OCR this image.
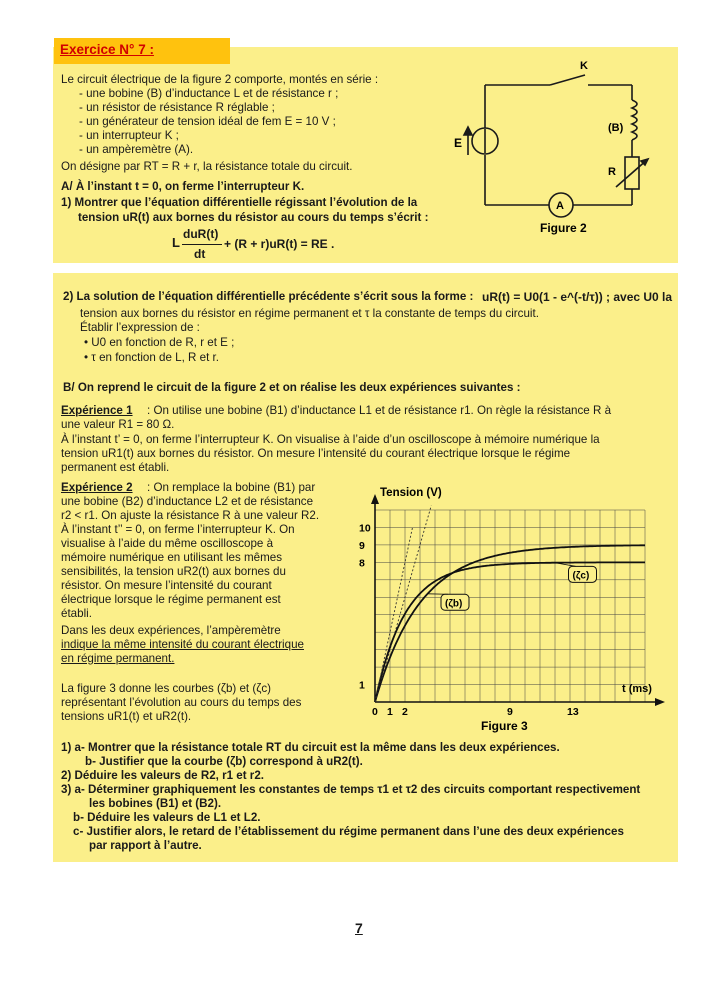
Exercice N° 7 :
Le circuit électrique de la figure 2 comporte, montés en série :
- une bobine (B) d’inductance L et de résistance r ;
- un résistor de résistance R réglable ;
- un générateur de tension idéal de fem E = 10 V ;
- un interrupteur K ;
- un ampèremètre (A).
On désigne par RT = R + r, la résistance totale du circuit.
A/ À l’instant t = 0, on ferme l’interrupteur K.
1) Montrer que l’équation différentielle régissant l’évolution de la
tension uR(t) aux bornes du résistor au cours du temps s’écrit :
L
duR(t)
dt
+ (R + r)uR(t) = RE .
K
(B)
E
R
A
Figure 2
2) La solution de l’équation différentielle précédente s’écrit sous la forme : uR(t) = U0(1 - e^(-t/τ)) ; avec U0 la
tension aux bornes du résistor en régime permanent et τ la constante de temps du circuit.
Établir l’expression de :
• U0 en fonction de R, r et E ;
• τ en fonction de L, R et r.
B/ On reprend le circuit de la figure 2 et on réalise les deux expériences suivantes :
Expérience 1 : On utilise une bobine (B1) d’inductance L1 et de résistance r1. On règle la résistance R à
une valeur R1 = 80 Ω.
À l’instant t’ = 0, on ferme l’interrupteur K. On visualise à l’aide d’un oscilloscope à mémoire numérique la
tension uR1(t) aux bornes du résistor. On mesure l’intensité du courant électrique lorsque le régime
permanent est établi.
Expérience 2 : On remplace la bobine (B1) par
une bobine (B2) d’inductance L2 et de résistance
r2 < r1. On ajuste la résistance R à une valeur R2.
À l’instant t’’ = 0, on ferme l’interrupteur K. On
visualise à l’aide du même oscilloscope à
mémoire numérique en utilisant les mêmes
sensibilités, la tension uR2(t) aux bornes du
résistor. On mesure l’intensité du courant
électrique lorsque le régime permanent est
établi.
Dans les deux expériences, l’ampèremètre
indique la même intensité du courant électrique
en régime permanent.
La figure 3 donne les courbes (ζb) et (ζc)
représentant l’évolution au cours du temps des
tensions uR1(t) et uR2(t).	0 1 2	9	13
1
8
9
10
(ζb)
(ζc)
Tension (V)
t (ms)
Figure 3
1) a- Montrer que la résistance totale RT du circuit est la même dans les deux expériences.
b- Justifier que la courbe (ζb) correspond à uR2(t).
2) Déduire les valeurs de R2, r1 et r2.
3) a- Déterminer graphiquement les constantes de temps τ1 et τ2 des circuits comportant respectivement
les bobines (B1) et (B2).
b- Déduire les valeurs de L1 et L2.
c- Justifier alors, le retard de l’établissement du régime permanent dans l’une des deux expériences
par rapport à l’autre.
7
